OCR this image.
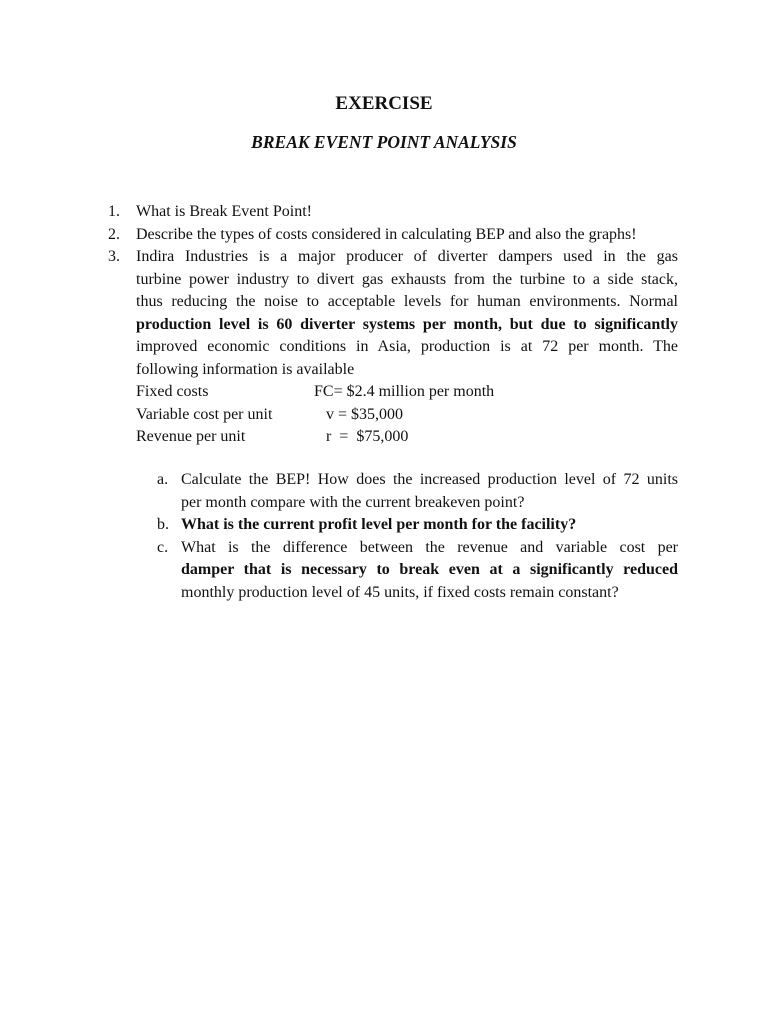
EXERCISE
BREAK EVENT POINT ANALYSIS
1. What is Break Event Point!
2. Describe the types of costs considered in calculating BEP and also the graphs!
3. Indira Industries is a major producer of diverter dampers used in the gas
turbine power industry to divert gas exhausts from the turbine to a side stack,
thus reducing the noise to acceptable levels for human environments. Normal
production level is 60 diverter systems per month, but due to significantly
improved economic conditions in Asia, production is at 72 per month. The
following information is available
Fixed costs	FC= $2.4 million per month
Variable cost per unit	v = $35,000
Revenue per unit	r  =  $75,000
a. Calculate the BEP! How does the increased production level of 72 units
per month compare with the current breakeven point?
b. What is the current profit level per month for the facility?
c. What is the difference between the revenue and variable cost per
damper that is necessary to break even at a significantly reduced
monthly production level of 45 units, if fixed costs remain constant?
